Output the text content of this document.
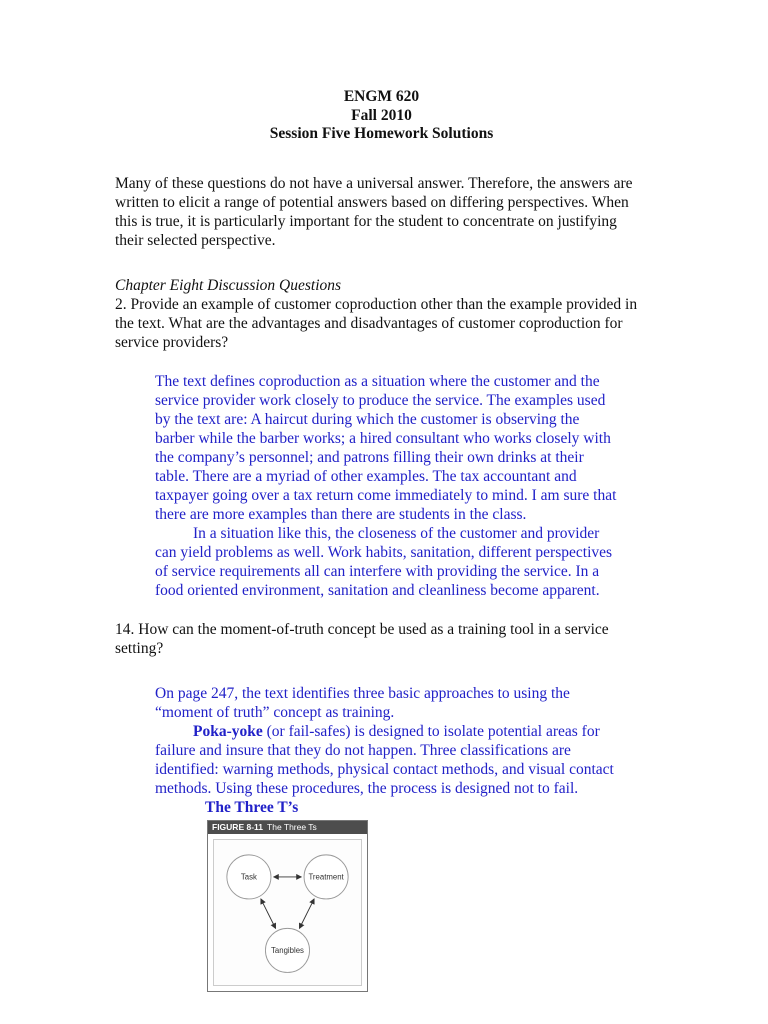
ENGM 620
Fall 2010
Session Five Homework Solutions

Many of these questions do not have a universal answer. Therefore, the answers are written to elicit a range of potential answers based on differing perspectives. When this is true, it is particularly important for the student to concentrate on justifying their selected perspective.

Chapter Eight Discussion Questions

2. Provide an example of customer coproduction other than the example provided in the text. What are the advantages and disadvantages of customer coproduction for service providers?

The text defines coproduction as a situation where the customer and the service provider work closely to produce the service. The examples used by the text are: A haircut during which the customer is observing the barber while the barber works; a hired consultant who works closely with the company’s personnel; and patrons filling their own drinks at their table. There are a myriad of other examples. The tax accountant and taxpayer going over a tax return come immediately to mind. I am sure that there are more examples than there are students in the class.

In a situation like this, the closeness of the customer and provider can yield problems as well. Work habits, sanitation, different perspectives of service requirements all can interfere with providing the service. In a food oriented environment, sanitation and cleanliness become apparent.

14. How can the moment-of-truth concept be used as a training tool in a service setting?

On page 247, the text identifies three basic approaches to using the “moment of truth” concept as training.

Poka-yoke (or fail-safes) is designed to isolate potential areas for failure and insure that they do not happen. Three classifications are identified: warning methods, physical contact methods, and visual contact methods. Using these procedures, the process is designed not to fail.

The Three T’s
FIGURE 8-11 The Three Ts
Task	Treatment
Tangibles
